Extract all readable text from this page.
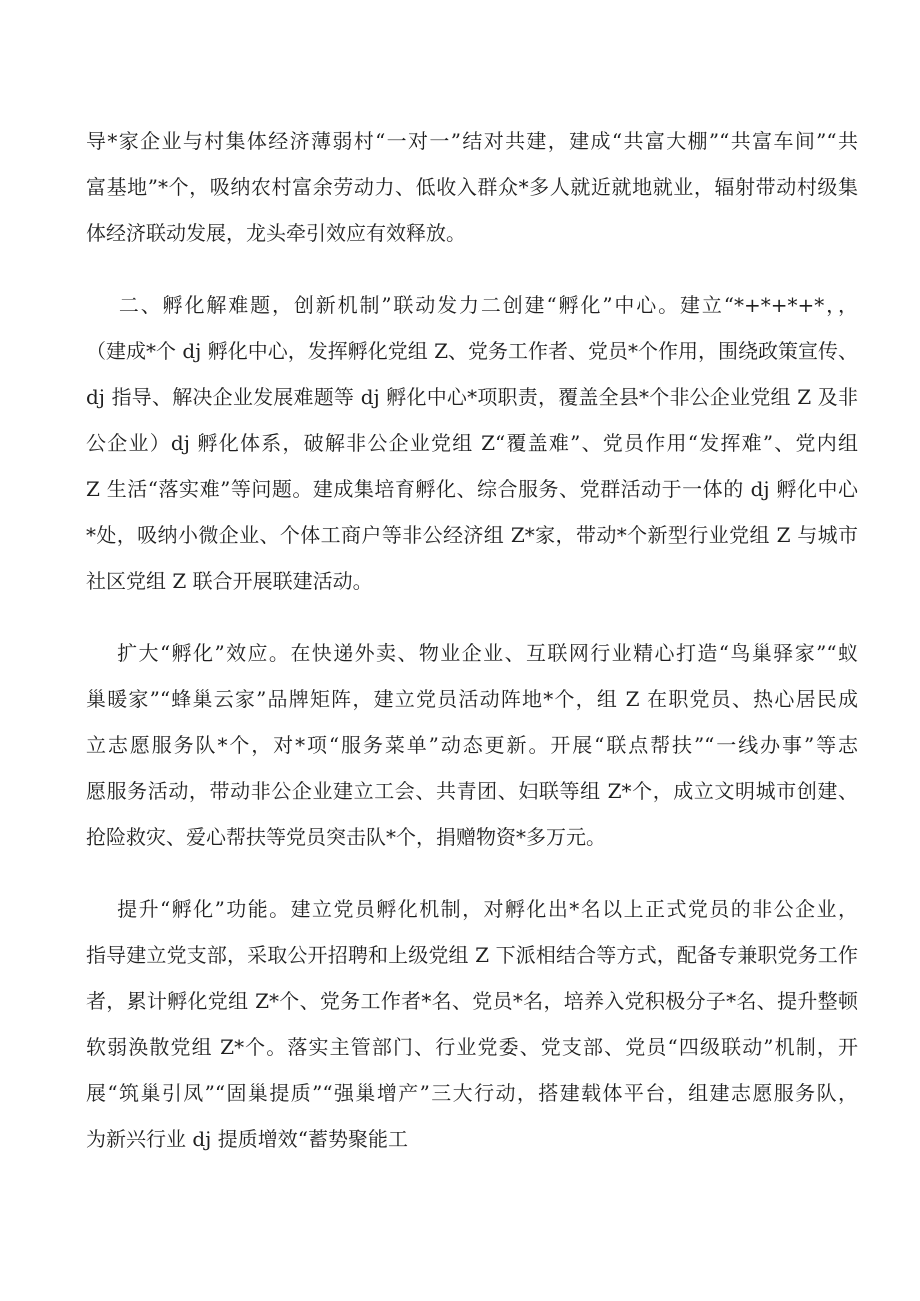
导*家企业与村集体经济薄弱村“一对一”结对共建，建成“共富大棚”“共富车间”“共
富基地”*个，吸纳农村富余劳动力、低收入群众*多人就近就地就业，辐射带动村级集
体经济联动发展，龙头牵引效应有效释放。
二、孵化解难题，创新机制”联动发力二创建“孵化”中心。建立“*+*+*+*，，
（建成*个 dj 孵化中心，发挥孵化党组 Z、党务工作者、党员*个作用，围绕政策宣传、
dj 指导、解决企业发展难题等 dj 孵化中心*项职责，覆盖全县*个非公企业党组 Z 及非
公企业）dj 孵化体系，破解非公企业党组 Z“覆盖难”、党员作用“发挥难”、党内组
Z 生活“落实难”等问题。建成集培育孵化、综合服务、党群活动于一体的 dj 孵化中心
*处，吸纳小微企业、个体工商户等非公经济组 Z*家，带动*个新型行业党组 Z 与城市
社区党组 Z 联合开展联建活动。
扩大“孵化”效应。在快递外卖、物业企业、互联网行业精心打造“鸟巢驿家”“蚁
巢暖家”“蜂巢云家”品牌矩阵，建立党员活动阵地*个，组 Z 在职党员、热心居民成
立志愿服务队*个，对*项“服务菜单”动态更新。开展“联点帮扶”“一线办事”等志
愿服务活动，带动非公企业建立工会、共青团、妇联等组 Z*个，成立文明城市创建、
抢险救灾、爱心帮扶等党员突击队*个，捐赠物资*多万元。
提升“孵化”功能。建立党员孵化机制，对孵化出*名以上正式党员的非公企业，
指导建立党支部，采取公开招聘和上级党组 Z 下派相结合等方式，配备专兼职党务工作
者，累计孵化党组 Z*个、党务工作者*名、党员*名，培养入党积极分子*名、提升整顿
软弱涣散党组 Z*个。落实主管部门、行业党委、党支部、党员“四级联动”机制，开
展“筑巢引凤”“固巢提质”“强巢增产”三大行动，搭建载体平台，组建志愿服务队，
为新兴行业 dj 提质增效“蓄势聚能工
